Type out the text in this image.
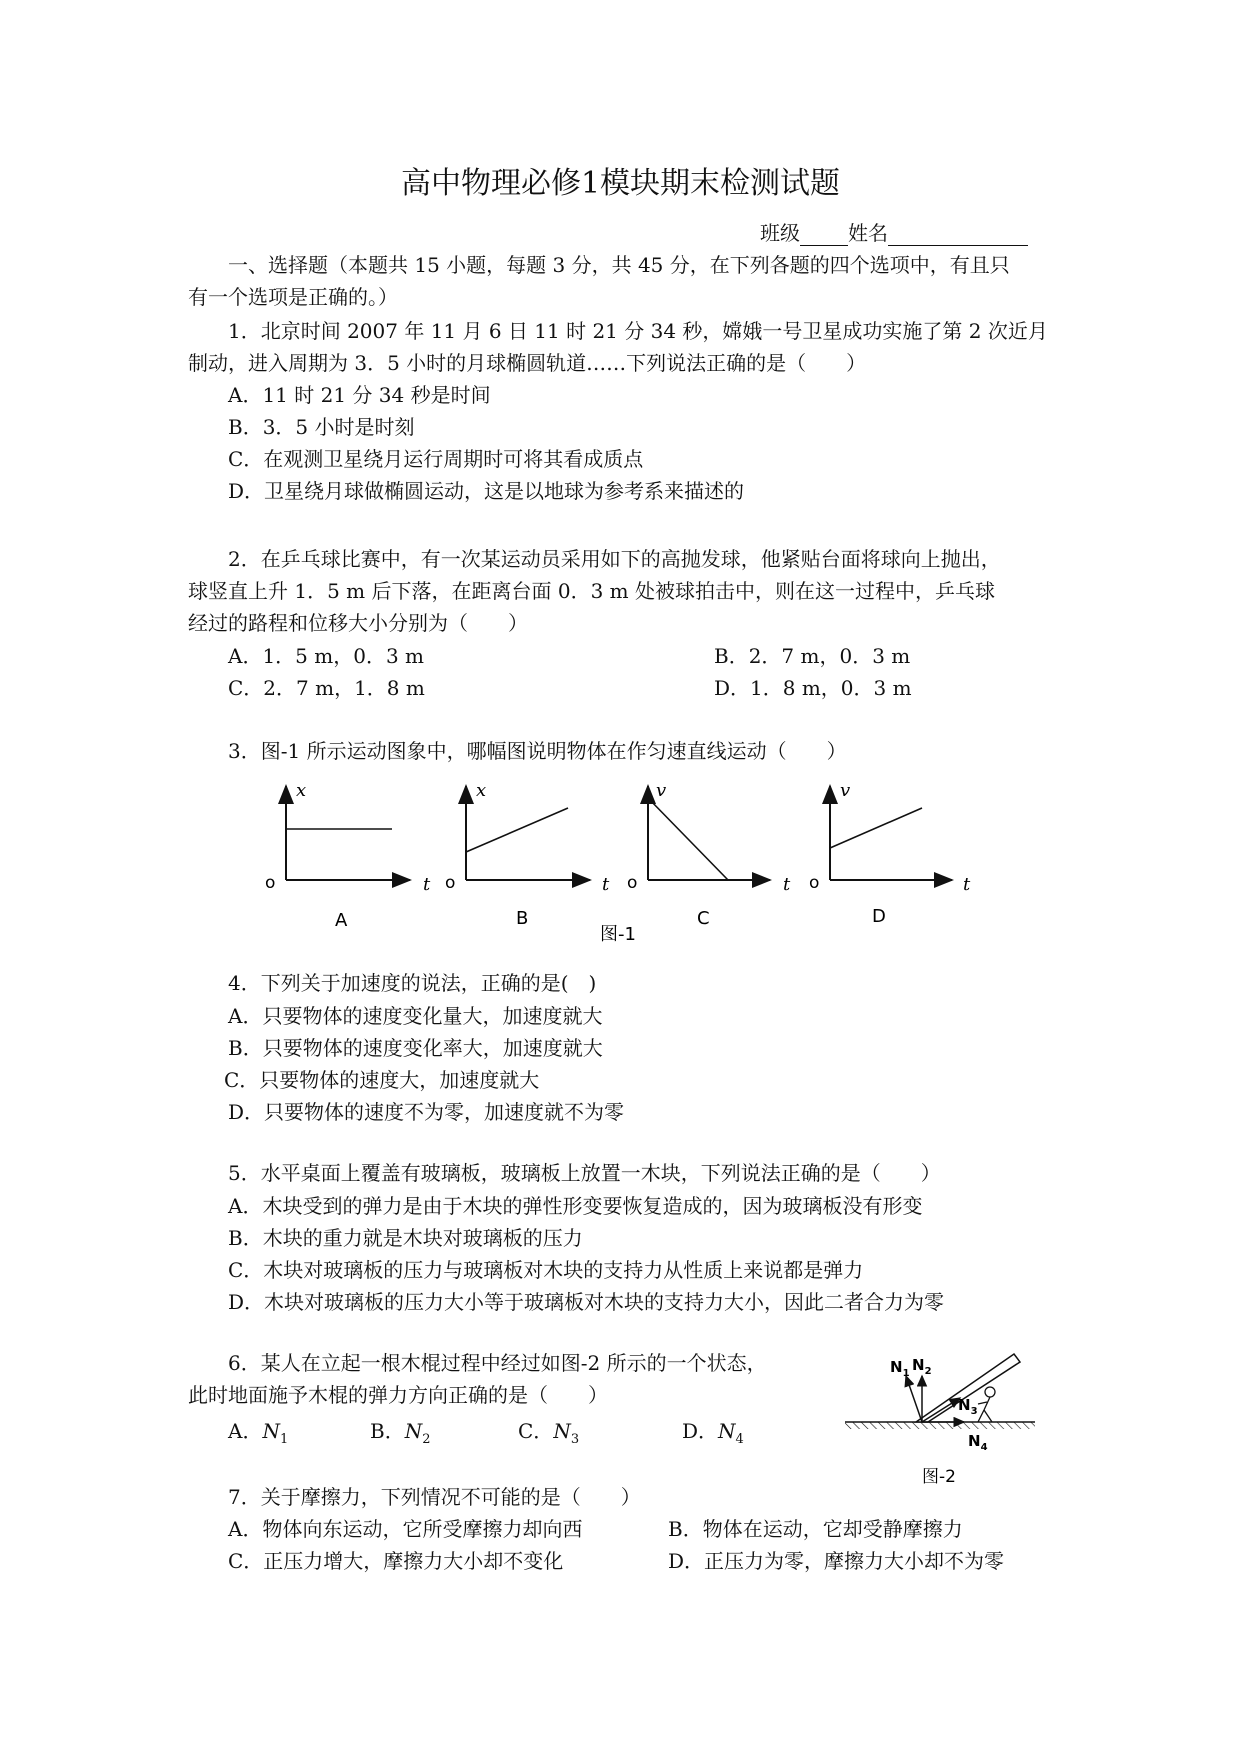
高中物理必修1模块期末检测试题
班级 姓名
一、选择题（本题共 15 小题，每题 3 分，共 45 分，在下列各题的四个选项中，有且只
有一个选项是正确的。）
1．北京时间 2007 年 11 月 6 日 11 时 21 分 34 秒，嫦娥一号卫星成功实施了第 2 次近月
制动，进入周期为 3．5 小时的月球椭圆轨道……下列说法正确的是（　　）
A．11 时 21 分 34 秒是时间
B．3．5 小时是时刻
C．在观测卫星绕月运行周期时可将其看成质点
D．卫星绕月球做椭圆运动，这是以地球为参考系来描述的
2．在乒乓球比赛中，有一次某运动员采用如下的高抛发球，他紧贴台面将球向上抛出，
球竖直上升 1．5 m 后下落，在距离台面 0．3 m 处被球拍击中，则在这一过程中，乒乓球
经过的路程和位移大小分别为（　　）
A．1．5 m，0．3 m	B．2．7 m，0．3 m
C．2．7 m，1．8 m	D．1．8 m，0．3 m
3．图-1 所示运动图象中，哪幅图说明物体在作匀速直线运动（　　）
x
o	t
A
x
o	t
B
v
o	t
C
v
o	t
D
图-1
4．下列关于加速度的说法，正确的是(　)
A．只要物体的速度变化量大，加速度就大
B．只要物体的速度变化率大，加速度就大
C．只要物体的速度大，加速度就大
D．只要物体的速度不为零，加速度就不为零
5．水平桌面上覆盖有玻璃板，玻璃板上放置一木块，下列说法正确的是（　　）
A．木块受到的弹力是由于木块的弹性形变要恢复造成的，因为玻璃板没有形变
B．木块的重力就是木块对玻璃板的压力
C．木块对玻璃板的压力与玻璃板对木块的支持力从性质上来说都是弹力
D．木块对玻璃板的压力大小等于玻璃板对木块的支持力大小，因此二者合力为零
6．某人在立起一根木棍过程中经过如图-2 所示的一个状态，
此时地面施予木棍的弹力方向正确的是（　　）
A．$N_1$	B．$N_2$	C．$N_3$	D．$N_4$
$N_1$ $N_2$
$N_3$
$N_4$
图-2
7．关于摩擦力，下列情况不可能的是（　　）
A．物体向东运动，它所受摩擦力却向西	B．物体在运动，它却受静摩擦力
C．正压力增大，摩擦力大小却不变化	D．正压力为零，摩擦力大小却不为零
